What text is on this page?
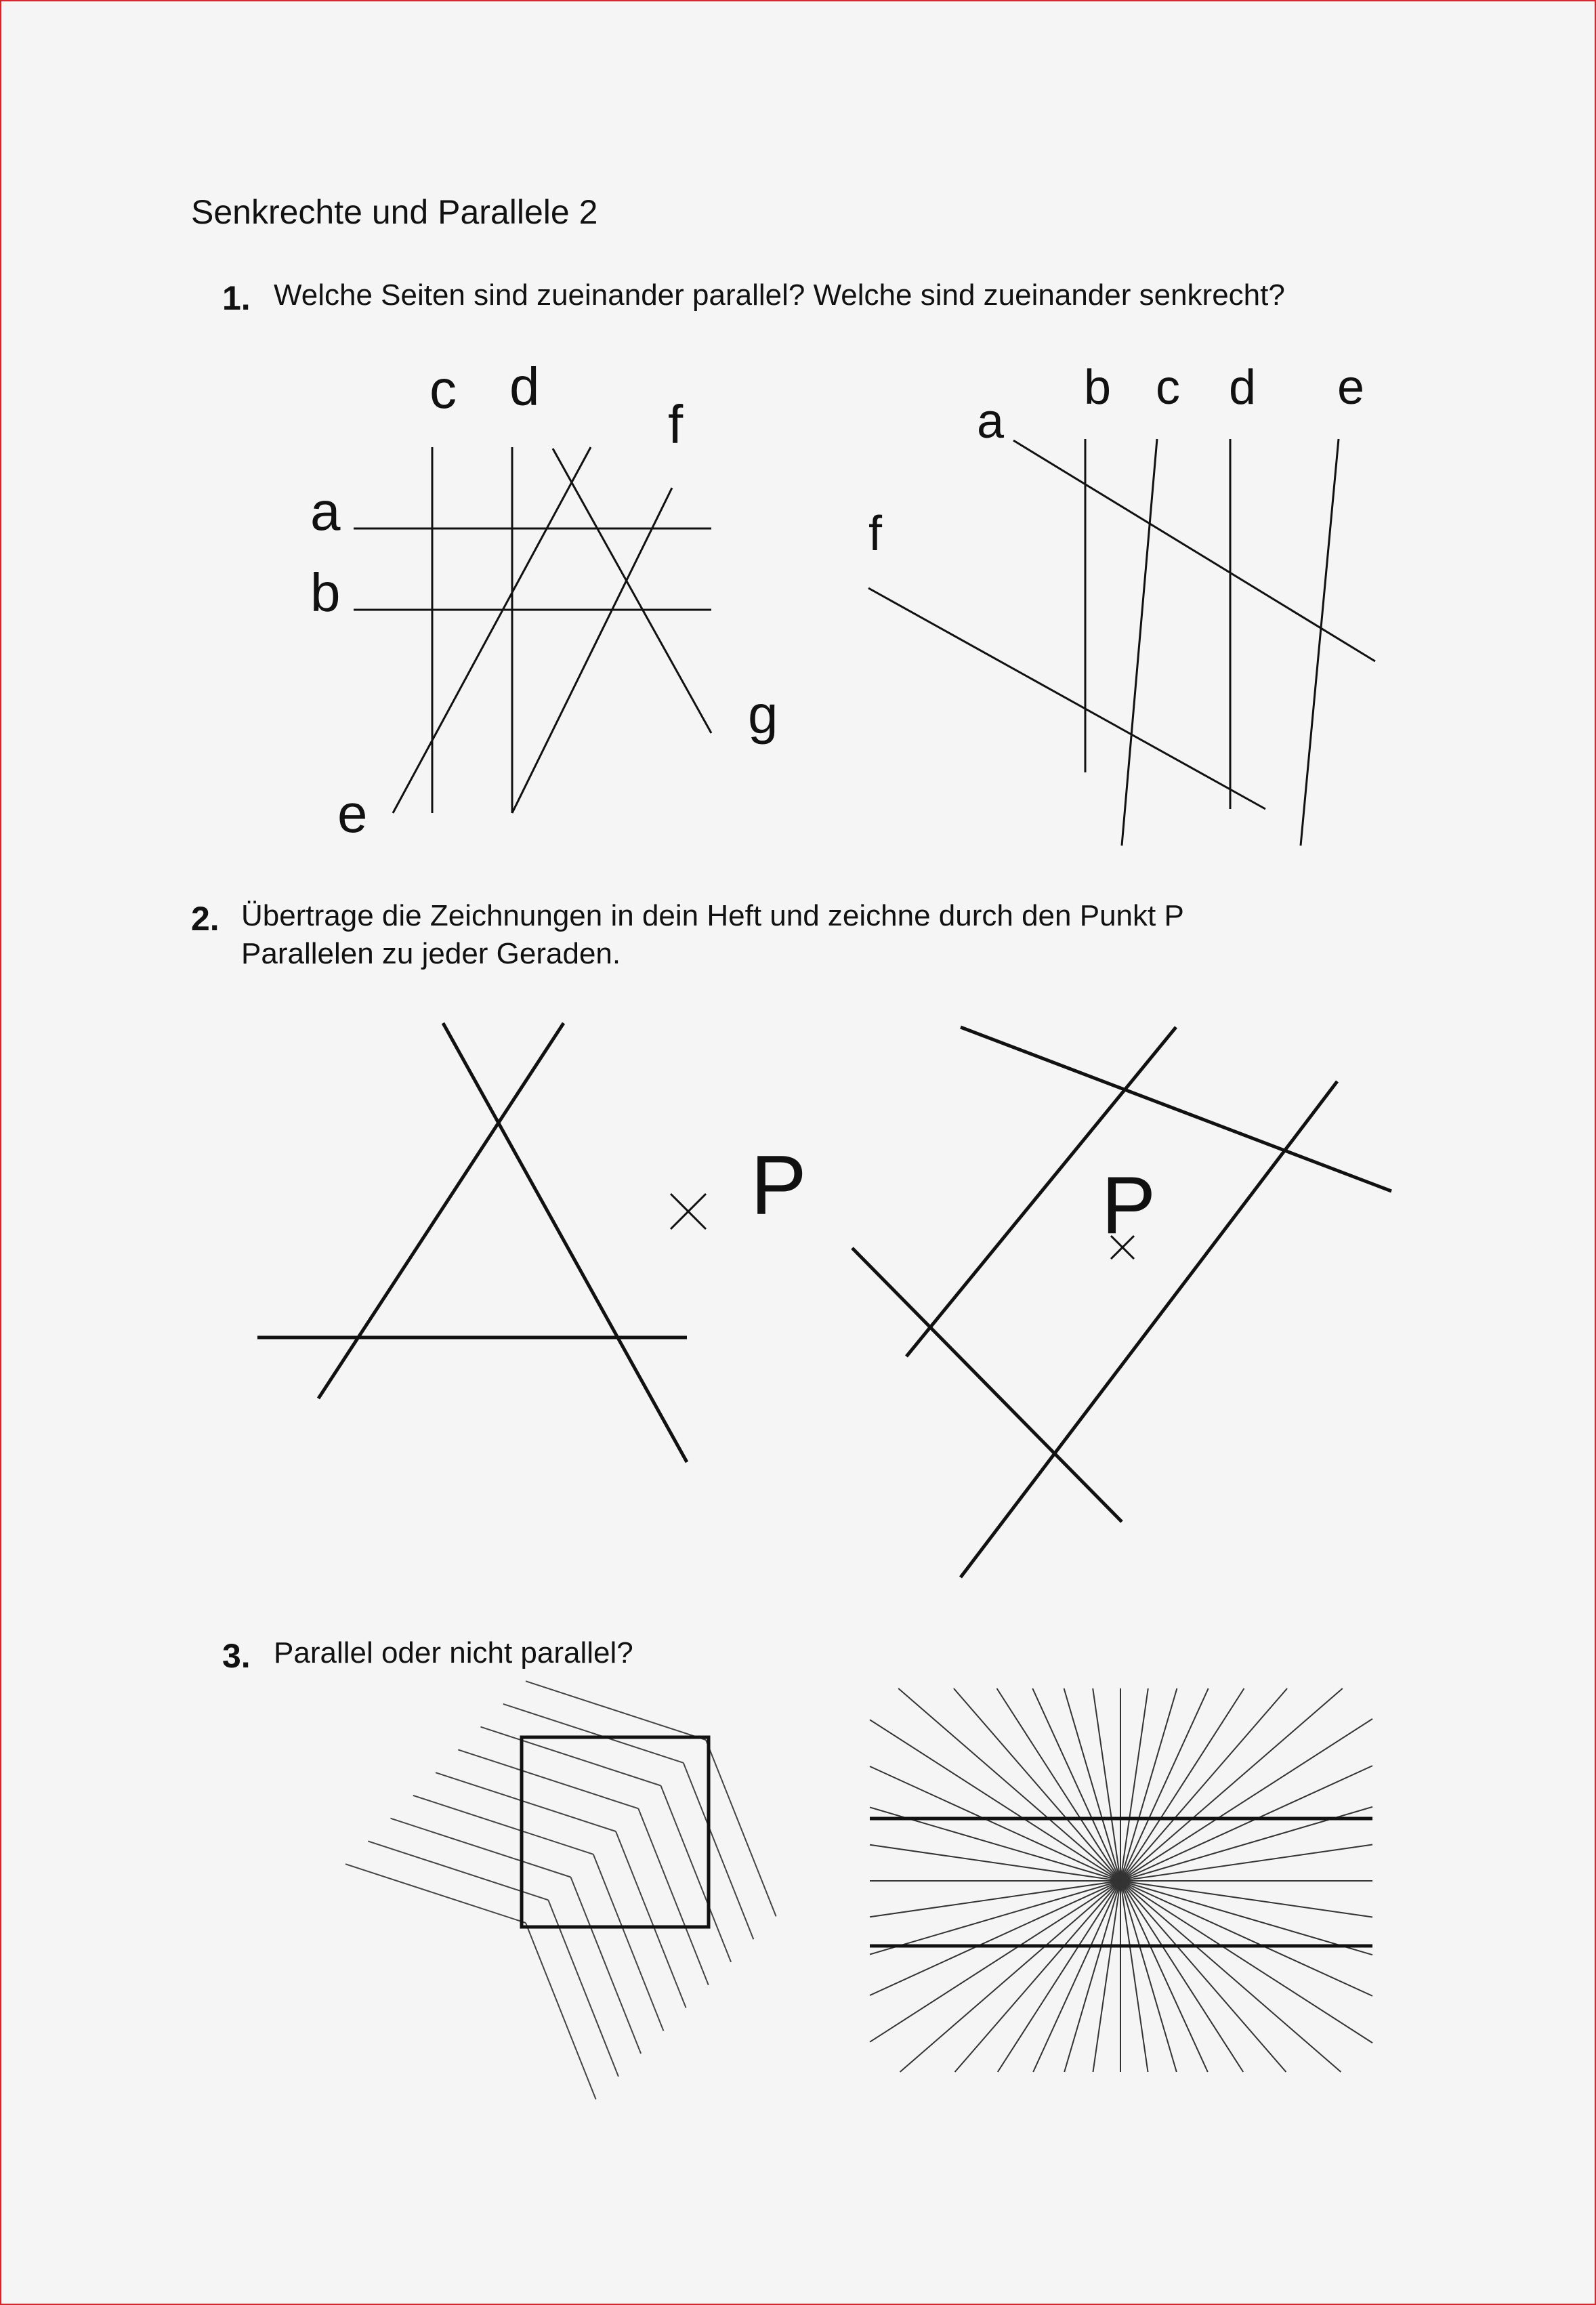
Senkrechte und Parallele 2
1. Welche Seiten sind zueinander parallel? Welche sind zueinander senkrecht?
2. Übertrage die Zeichnungen in dein Heft und zeichne durch den Punkt P
Parallelen zu jeder Geraden.
3. Parallel oder nicht parallel?
a
b
c d
e
f
g
a
b c d e
f
P	P
